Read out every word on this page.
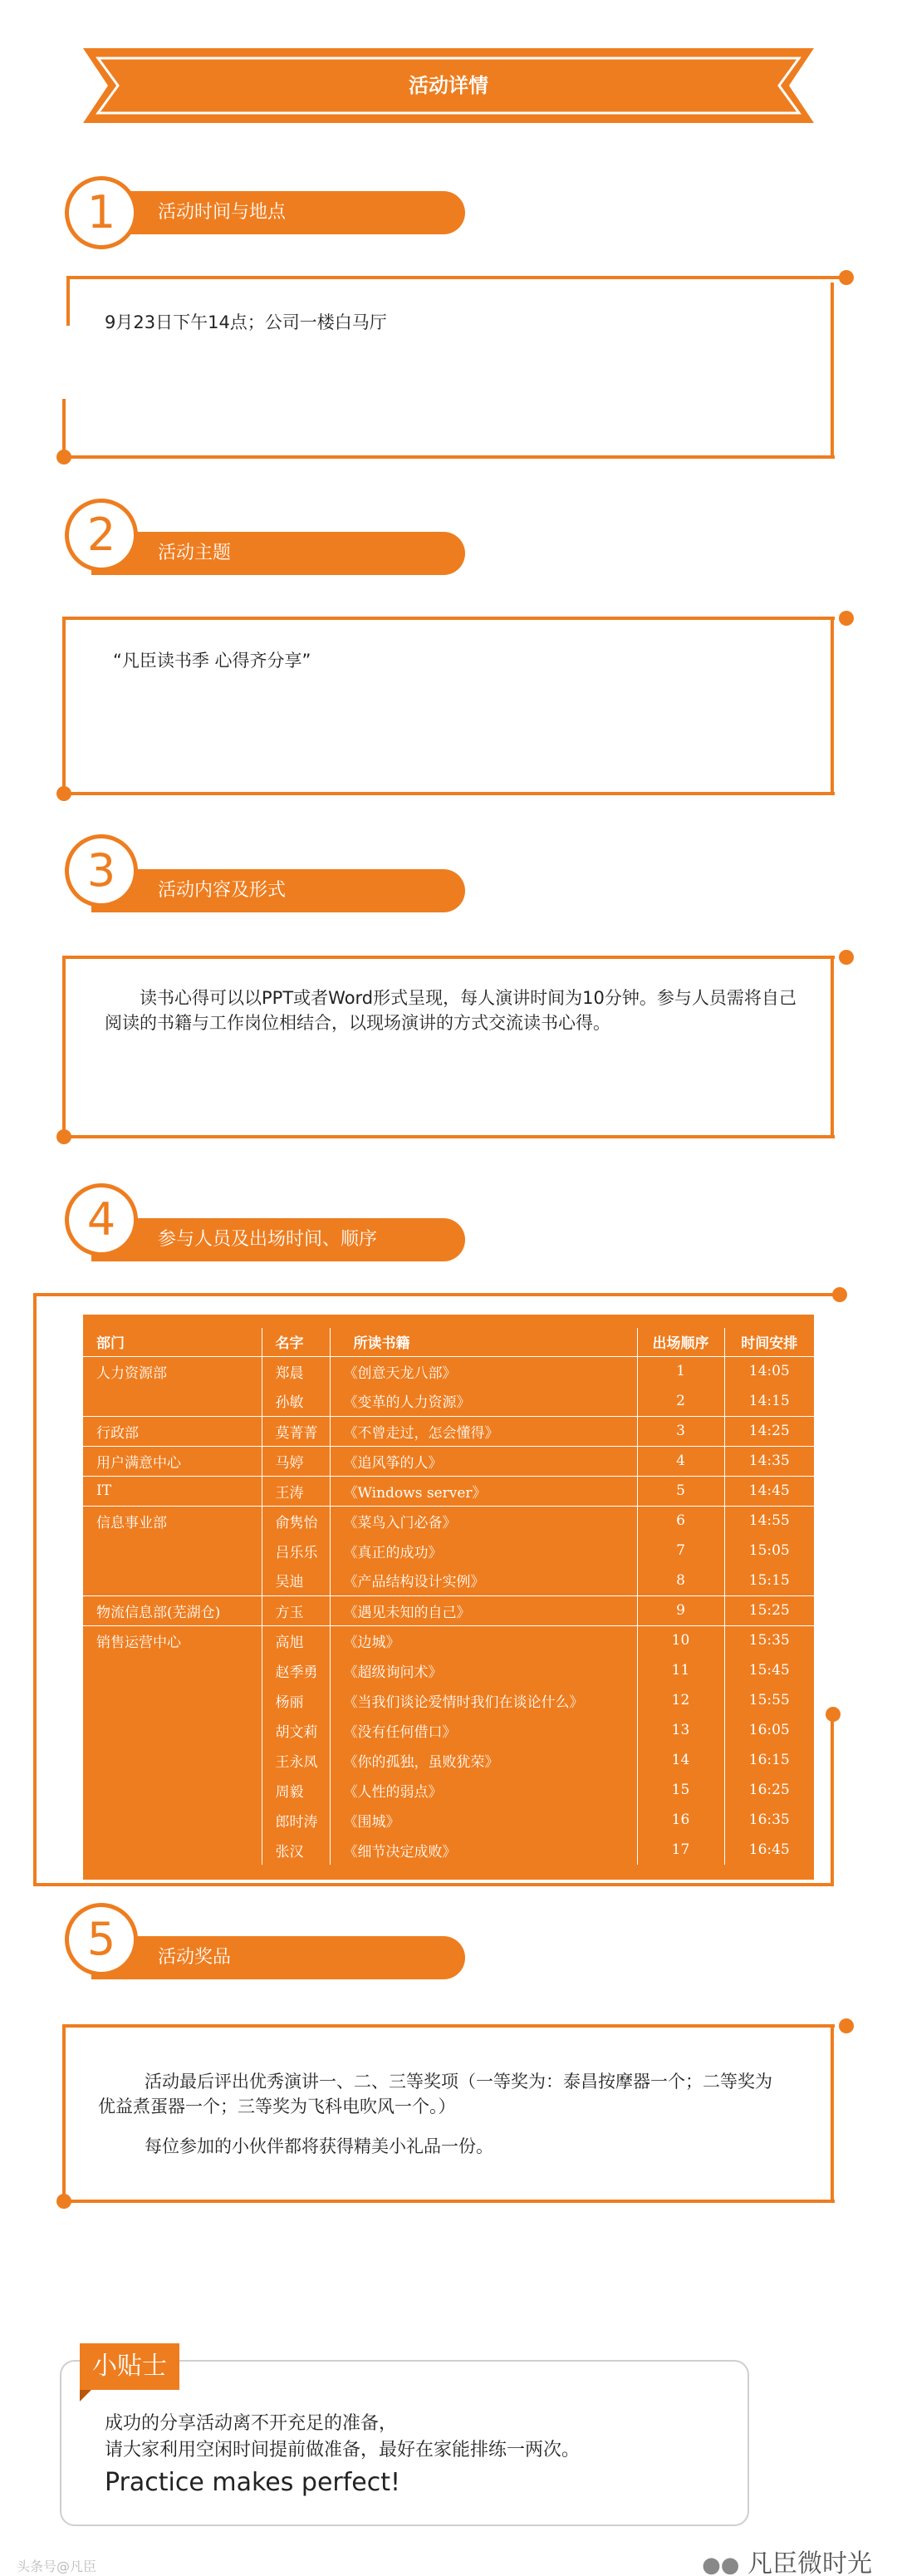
活动详情
活动时间与地点
1
9月23日下午14点；公司一楼白马厅
活动主题
2
“凡臣读书季 心得齐分享”
活动内容及形式
3
读书心得可以以PPT或者Word形式呈现，每人演讲时间为10分钟。参与人员需将自己阅读的书籍与工作岗位相结合，以现场演讲的方式交流读书心得。
参与人员及出场时间、顺序
4
部门	名字	所读书籍	出场顺序	时间安排
人力资源部	郑晨	《创意天龙八部》	1	14:05
	孙敏	《变革的人力资源》	2	14:15
行政部	莫菁菁	《不曾走过，怎会懂得》	3	14:25
用户满意中心	马婷	《追风筝的人》	4	14:35
IT	王涛	《Windows server》	5	14:45
信息事业部	俞隽怡	《菜鸟入门必备》	6	14:55
	吕乐乐	《真正的成功》	7	15:05
	吴迪	《产品结构设计实例》	8	15:15
物流信息部(芜湖仓)	方玉	《遇见未知的自己》	9	15:25
销售运营中心	高旭	《边城》	10	15:35
	赵季勇	《超级询问术》	11	15:45
	杨丽	《当我们谈论爱情时我们在谈论什么》	12	15:55
	胡文莉	《没有任何借口》	13	16:05
	王永凤	《你的孤独，虽败犹荣》	14	16:15
	周毅	《人性的弱点》	15	16:25
	郎时涛	《围城》	16	16:35
	张汉	《细节决定成败》	17	16:45
活动奖品
5
活动最后评出优秀演讲一、二、三等奖项（一等奖为：泰昌按摩器一个；二等奖为优益煮蛋器一个；三等奖为飞科电吹风一个。）
每位参加的小伙伴都将获得精美小礼品一份。
小贴士
成功的分享活动离不开充足的准备，
请大家利用空闲时间提前做准备，最好在家能排练一两次。
Practice makes perfect!
●● 凡臣微时光
头条号@凡臣
